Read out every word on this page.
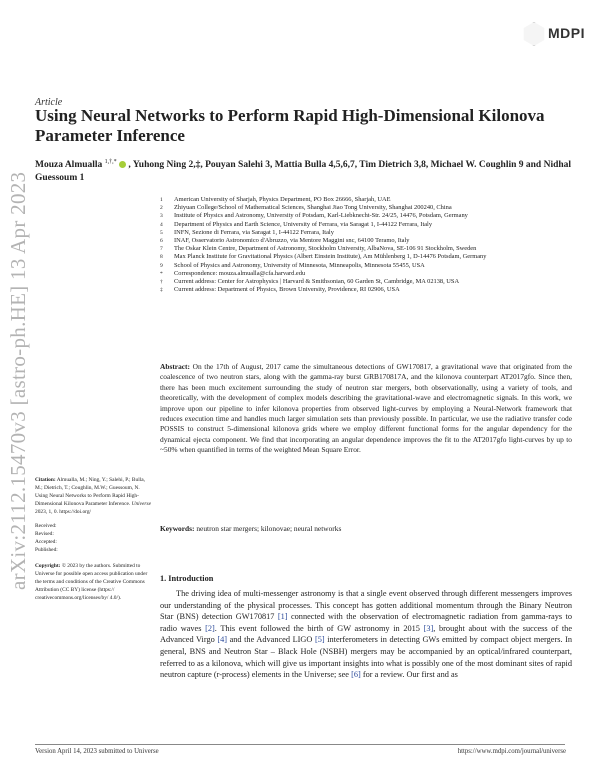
MDPI
arXiv:2112.15470v3 [astro-ph.HE] 13 Apr 2023
Article
Using Neural Networks to Perform Rapid High-Dimensional Kilonova Parameter Inference
Mouza Almualla $^{1,\dagger,*}$ , Yuhong Ning 2,‡, Pouyan Salehi 3, Mattia Bulla 4,5,6,7, Tim Dietrich 3,8, Michael W. Coughlin 9 and Nidhal Guessoum 1
1 American University of Sharjah, Physics Department, PO Box 26666, Sharjah, UAE
2 Zhiyuan College/School of Mathematical Sciences, Shanghai Jiao Tong University, Shanghai 200240, China
3 Institute of Physics and Astronomy, University of Potsdam, Karl-Liebknecht-Str. 24/25, 14476, Potsdam, Germany
4 Department of Physics and Earth Science, University of Ferrara, via Saragat 1, I-44122 Ferrara, Italy
5 INFN, Sezione di Ferrara, via Saragat 1, I-44122 Ferrara, Italy
6 INAF, Osservatorio Astronomico d'Abruzzo, via Mentore Maggini snc, 64100 Teramo, Italy
7 The Oskar Klein Centre, Department of Astronomy, Stockholm University, AlbaNova, SE-106 91 Stockholm, Sweden
8 Max Planck Institute for Gravitational Physics (Albert Einstein Institute), Am Mühlenberg 1, D-14476 Potsdam, Germany
9 School of Physics and Astronomy, University of Minnesota, Minneapolis, Minnesota 55455, USA
* Correspondence: mouza.almualla@cfa.harvard.edu
† Current address: Center for Astrophysics | Harvard & Smithsonian, 60 Garden St, Cambridge, MA 02138, USA
‡ Current address: Department of Physics, Brown University, Providence, RI 02906, USA
Abstract: On the 17th of August, 2017 came the simultaneous detections of GW170817, a gravitational wave that originated from the coalescence of two neutron stars, along with the gamma-ray burst GRB170817A, and the kilonova counterpart AT2017gfo. Since then, there has been much excitement surrounding the study of neutron star mergers, both observationally, using a variety of tools, and theoretically, with the development of complex models describing the gravitational-wave and electromagnetic signals. In this work, we improve upon our pipeline to infer kilonova properties from observed light-curves by employing a Neural-Network framework that reduces execution time and handles much larger simulation sets than previously possible. In particular, we use the radiative transfer code POSSIS to construct 5-dimensional kilonova grids where we employ different functional forms for the angular dependency for the dynamical ejecta component. We find that incorporating an angular dependence improves the fit to the AT2017gfo light-curves by up to ~50% when quantified in terms of the weighted Mean Square Error.
Keywords: neutron star mergers; kilonovae; neural networks
Citation: Almualla, M.; Ning, Y.; Salehi, P.; Bulla, M.; Dietrich, T.; Coughlin, M.W.; Guessoum, N. Using Neural Networks to Perform Rapid High-Dimensional Kilonova Parameter Inference. Universe 2023, 1, 0. https://doi.org/
Received:
Revised:
Accepted:
Published:
Copyright: © 2023 by the authors. Submitted to Universe for possible open access publication under the terms and conditions of the Creative Commons Attribution (CC BY) license (https:// creativecommons.org/licenses/by/ 4.0/).
1. Introduction

The driving idea of multi-messenger astronomy is that a single event observed through different messengers improves our understanding of the physical processes. This concept has gotten additional momentum through the Binary Neutron Star (BNS) detection GW170817 [1] connected with the observation of electromagnetic radiation from gamma-rays to radio waves [2]. This event followed the birth of GW astronomy in 2015 [3], brought about with the success of the Advanced Virgo [4] and the Advanced LIGO [5] interferometers in detecting GWs emitted by compact object mergers. In general, BNS and Neutron Star – Black Hole (NSBH) mergers may be accompanied by an optical/infrared counterpart, referred to as a kilonova, which will give us important insights into what is possibly one of the most dominant sites of rapid neutron capture (r-process) elements in the Universe; see [6] for a review. Our first and as

Version April 14, 2023 submitted to Universe	https://www.mdpi.com/journal/universe
